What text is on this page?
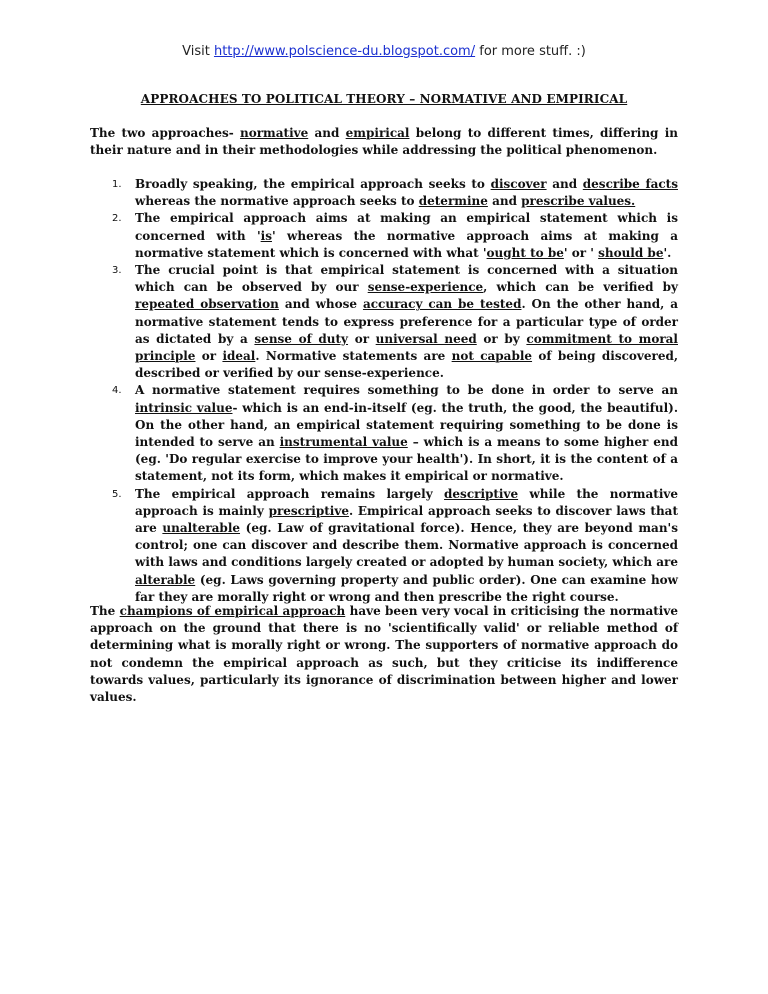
Visit http://www.polscience-du.blogspot.com/ for more stuff. :)
APPROACHES TO POLITICAL THEORY – NORMATIVE AND EMPIRICAL

The two approaches- normative and empirical belong to different times, differing in their nature and in their methodologies while addressing the political phenomenon.

1. Broadly speaking, the empirical approach seeks to discover and describe facts whereas the normative approach seeks to determine and prescribe values.
2. The empirical approach aims at making an empirical statement which is concerned with 'is' whereas the normative approach aims at making a normative statement which is concerned with what 'ought to be' or ' should be'.
3. The crucial point is that empirical statement is concerned with a situation which can be observed by our sense-experience, which can be verified by repeated observation and whose accuracy can be tested. On the other hand, a normative statement tends to express preference for a particular type of order as dictated by a sense of duty or universal need or by commitment to moral principle or ideal. Normative statements are not capable of being discovered, described or verified by our sense-experience.
4. A normative statement requires something to be done in order to serve an intrinsic value- which is an end-in-itself (eg. the truth, the good, the beautiful). On the other hand, an empirical statement requiring something to be done is intended to serve an instrumental value – which is a means to some higher end (eg. 'Do regular exercise to improve your health'). In short, it is the content of a statement, not its form, which makes it empirical or normative.
5. The empirical approach remains largely descriptive while the normative approach is mainly prescriptive. Empirical approach seeks to discover laws that are unalterable (eg. Law of gravitational force). Hence, they are beyond man's control; one can discover and describe them. Normative approach is concerned with laws and conditions largely created or adopted by human society, which are alterable (eg. Laws governing property and public order). One can examine how far they are morally right or wrong and then prescribe the right course.

The champions of empirical approach have been very vocal in criticising the normative approach on the ground that there is no 'scientifically valid' or reliable method of determining what is morally right or wrong. The supporters of normative approach do not condemn the empirical approach as such, but they criticise its indifference towards values, particularly its ignorance of discrimination between higher and lower values.
